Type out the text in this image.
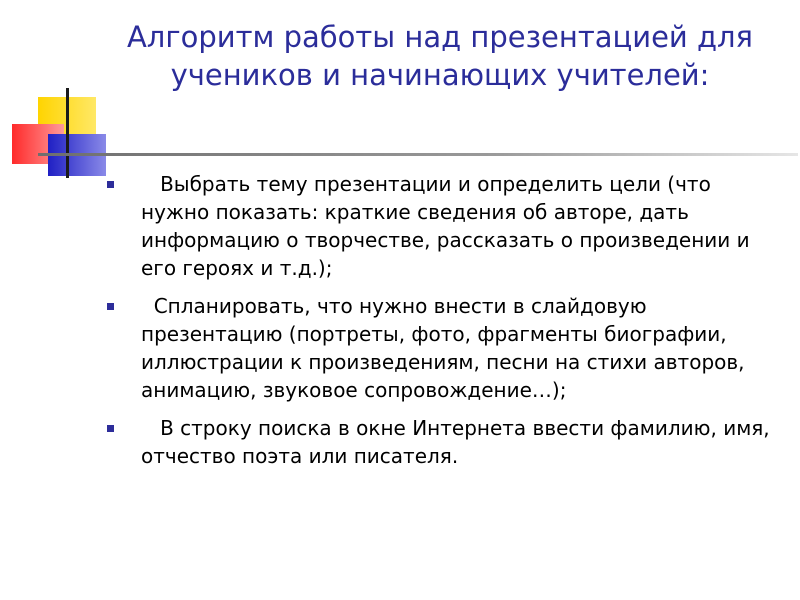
Алгоритм работы над презентацией для
учеников и начинающих учителей:
Выбрать тему презентации и определить цели (что нужно показать: краткие сведения об авторе, дать информацию о творчестве, рассказать о произведении и его героях и т.д.);
Спланировать, что нужно внести в слайдовую презентацию (портреты, фото, фрагменты биографии, иллюстрации к произведениям, песни на стихи авторов, анимацию, звуковое сопровождение…);
В строку поиска в окне Интернета ввести фамилию, имя, отчество поэта или писателя.
